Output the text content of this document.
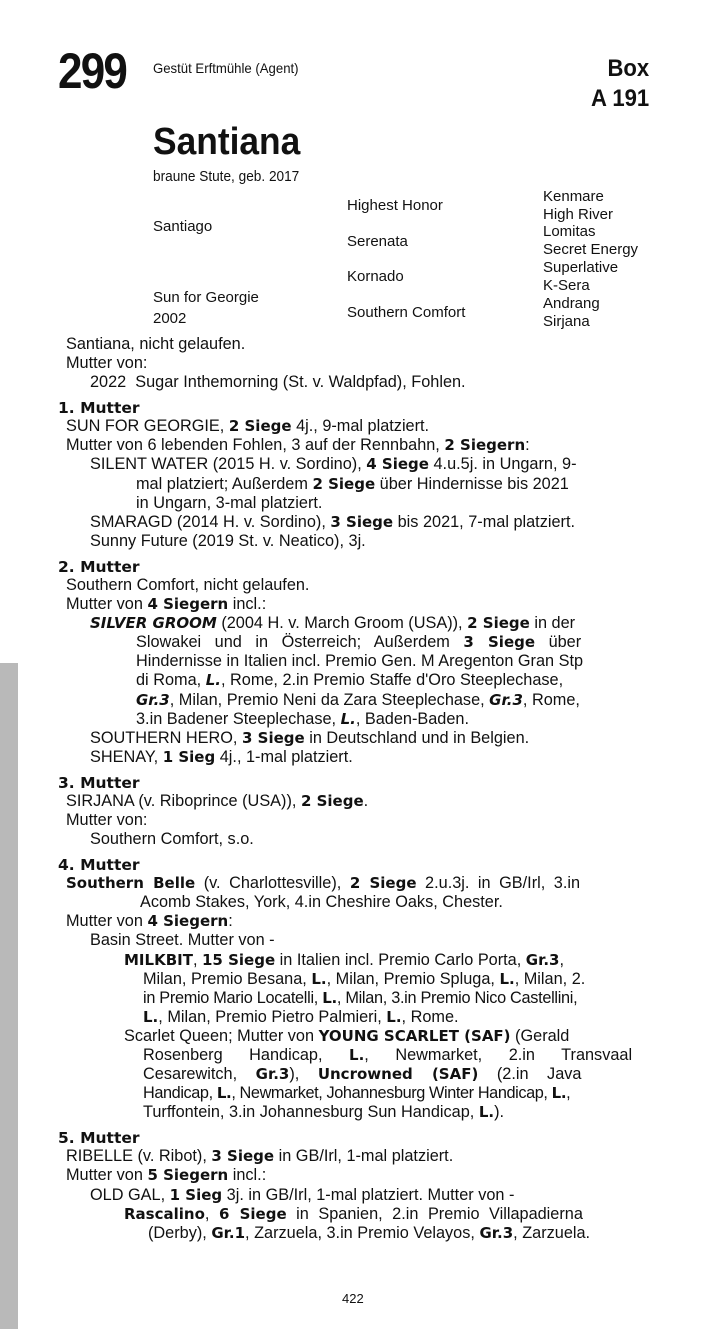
299 Gestüt Erftmühle (Agent)	Box
A 191
Santiana
braune Stute, geb. 2017
Santiago
Sun for Georgie
2002
Highest Honor
Serenata
Kornado
Southern Comfort
Kenmare
High River
Lomitas
Secret Energy
Superlative
K-Sera
Andrang
Sirjana
Santiana, nicht gelaufen.
Mutter von:
2022  Sugar Inthemorning (St. v. Waldpfad), Fohlen.
1. Mutter
SUN FOR GEORGIE, 2 Siege 4j., 9-mal platziert.
Mutter von 6 lebenden Fohlen, 3 auf der Rennbahn, 2 Siegern:
SILENT WATER (2015 H. v. Sordino), 4 Siege 4.u.5j. in Ungarn, 9-
mal platziert; Außerdem 2 Siege über Hindernisse bis 2021
in Ungarn, 3-mal platziert.
SMARAGD (2014 H. v. Sordino), 3 Siege bis 2021, 7-mal platziert.
Sunny Future (2019 St. v. Neatico), 3j.
2. Mutter
Southern Comfort, nicht gelaufen.
Mutter von 4 Siegern incl.:
SILVER GROOM (2004 H. v. March Groom (USA)), 2 Siege in der
Slowakei und in Österreich; Außerdem 3 Siege über
Hindernisse in Italien incl. Premio Gen. M Aregenton Gran Stp
di Roma, L., Rome, 2.in Premio Staffe d'Oro Steeplechase,
Gr.3, Milan, Premio Neni da Zara Steeplechase, Gr.3, Rome,
3.in Badener Steeplechase, L., Baden-Baden.
SOUTHERN HERO, 3 Siege in Deutschland und in Belgien.
SHENAY, 1 Sieg 4j., 1-mal platziert.
3. Mutter
SIRJANA (v. Riboprince (USA)), 2 Siege.
Mutter von:
Southern Comfort, s.o.
4. Mutter
Southern Belle (v. Charlottesville), 2 Siege 2.u.3j. in GB/Irl, 3.in
Acomb Stakes, York, 4.in Cheshire Oaks, Chester.
Mutter von 4 Siegern:
Basin Street. Mutter von -
MILKBIT, 15 Siege in Italien incl. Premio Carlo Porta, Gr.3,
Milan, Premio Besana, L., Milan, Premio Spluga, L., Milan, 2.
in Premio Mario Locatelli, L., Milan, 3.in Premio Nico Castellini,
L., Milan, Premio Pietro Palmieri, L., Rome.
Scarlet Queen; Mutter von YOUNG SCARLET (SAF) (Gerald
Rosenberg Handicap, L., Newmarket, 2.in Transvaal
Cesarewitch, Gr.3), Uncrowned (SAF) (2.in Java
Handicap, L., Newmarket, Johannesburg Winter Handicap, L.,
Turffontein, 3.in Johannesburg Sun Handicap, L.).
5. Mutter
RIBELLE (v. Ribot), 3 Siege in GB/Irl, 1-mal platziert.
Mutter von 5 Siegern incl.:
OLD GAL, 1 Sieg 3j. in GB/Irl, 1-mal platziert. Mutter von -
Rascalino, 6 Siege in Spanien, 2.in Premio Villapadierna
(Derby), Gr.1, Zarzuela, 3.in Premio Velayos, Gr.3, Zarzuela.
422
